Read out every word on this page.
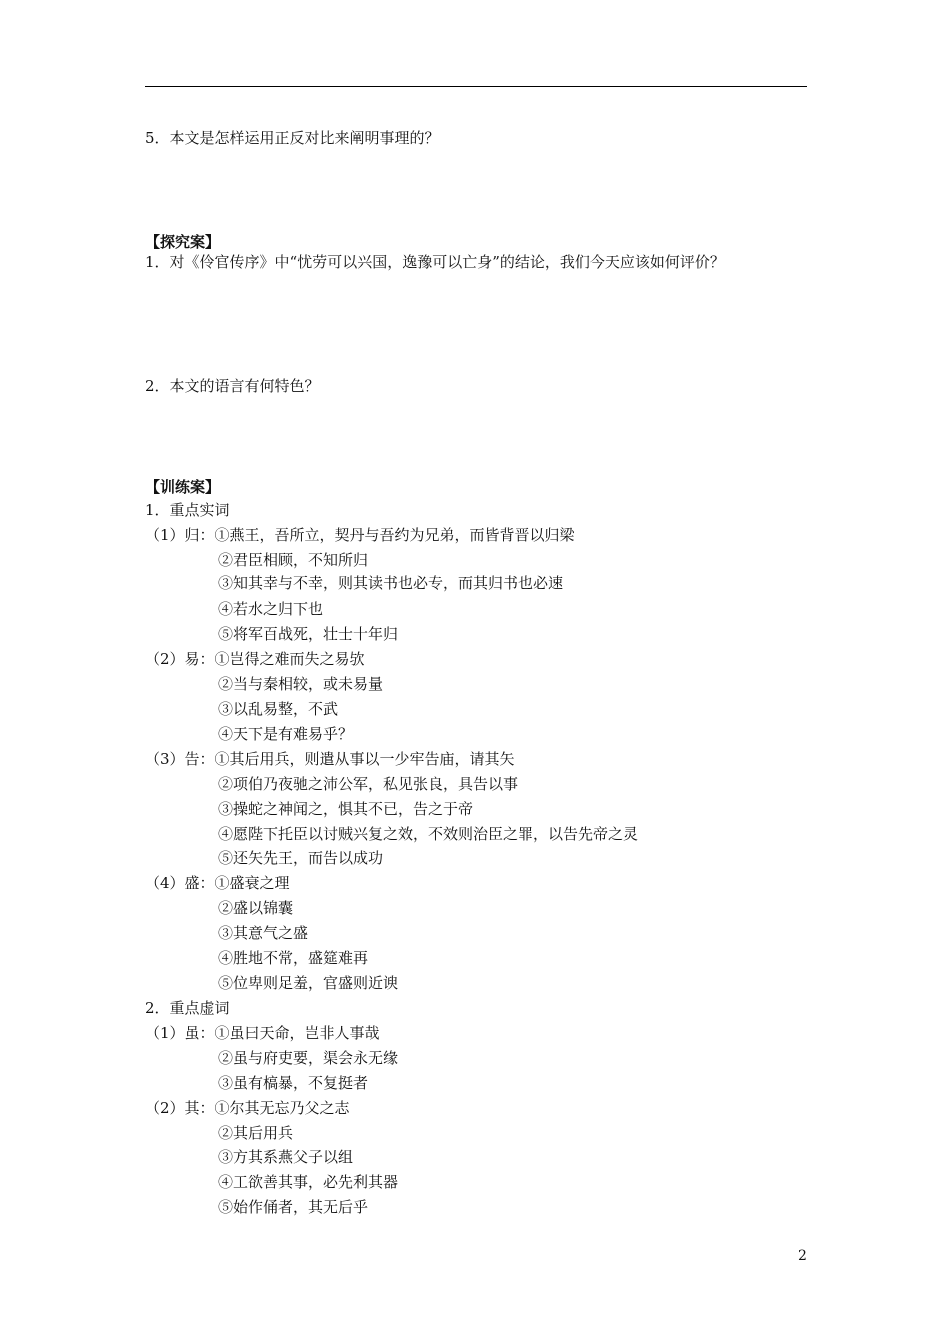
5．本文是怎样运用正反对比来阐明事理的？
【探究案】
1．对《伶官传序》中“忧劳可以兴国，逸豫可以亡身”的结论，我们今天应该如何评价？
2．本文的语言有何特色？
【训练案】
1．重点实词
（1）归：①燕王，吾所立，契丹与吾约为兄弟，而皆背晋以归梁
②君臣相顾，不知所归
③知其幸与不幸，则其读书也必专，而其归书也必速
④若水之归下也
⑤将军百战死，壮士十年归
（2）易：①岂得之难而失之易欤
②当与秦相较，或未易量
③以乱易整，不武
④天下是有难易乎？
（3）告：①其后用兵，则遣从事以一少牢告庙，请其矢
②项伯乃夜驰之沛公军，私见张良，具告以事
③操蛇之神闻之，惧其不已，告之于帝
④愿陛下托臣以讨贼兴复之效，不效则治臣之罪，以告先帝之灵
⑤还矢先王，而告以成功
（4）盛：①盛衰之理
②盛以锦囊
③其意气之盛
④胜地不常，盛筵难再
⑤位卑则足羞，官盛则近谀
2．重点虚词
（1）虽：①虽曰天命，岂非人事哉
②虽与府吏要，渠会永无缘
③虽有槁暴，不复挺者
（2）其：①尔其无忘乃父之志
②其后用兵
③方其系燕父子以组
④工欲善其事，必先利其器
⑤始作俑者，其无后乎
2
